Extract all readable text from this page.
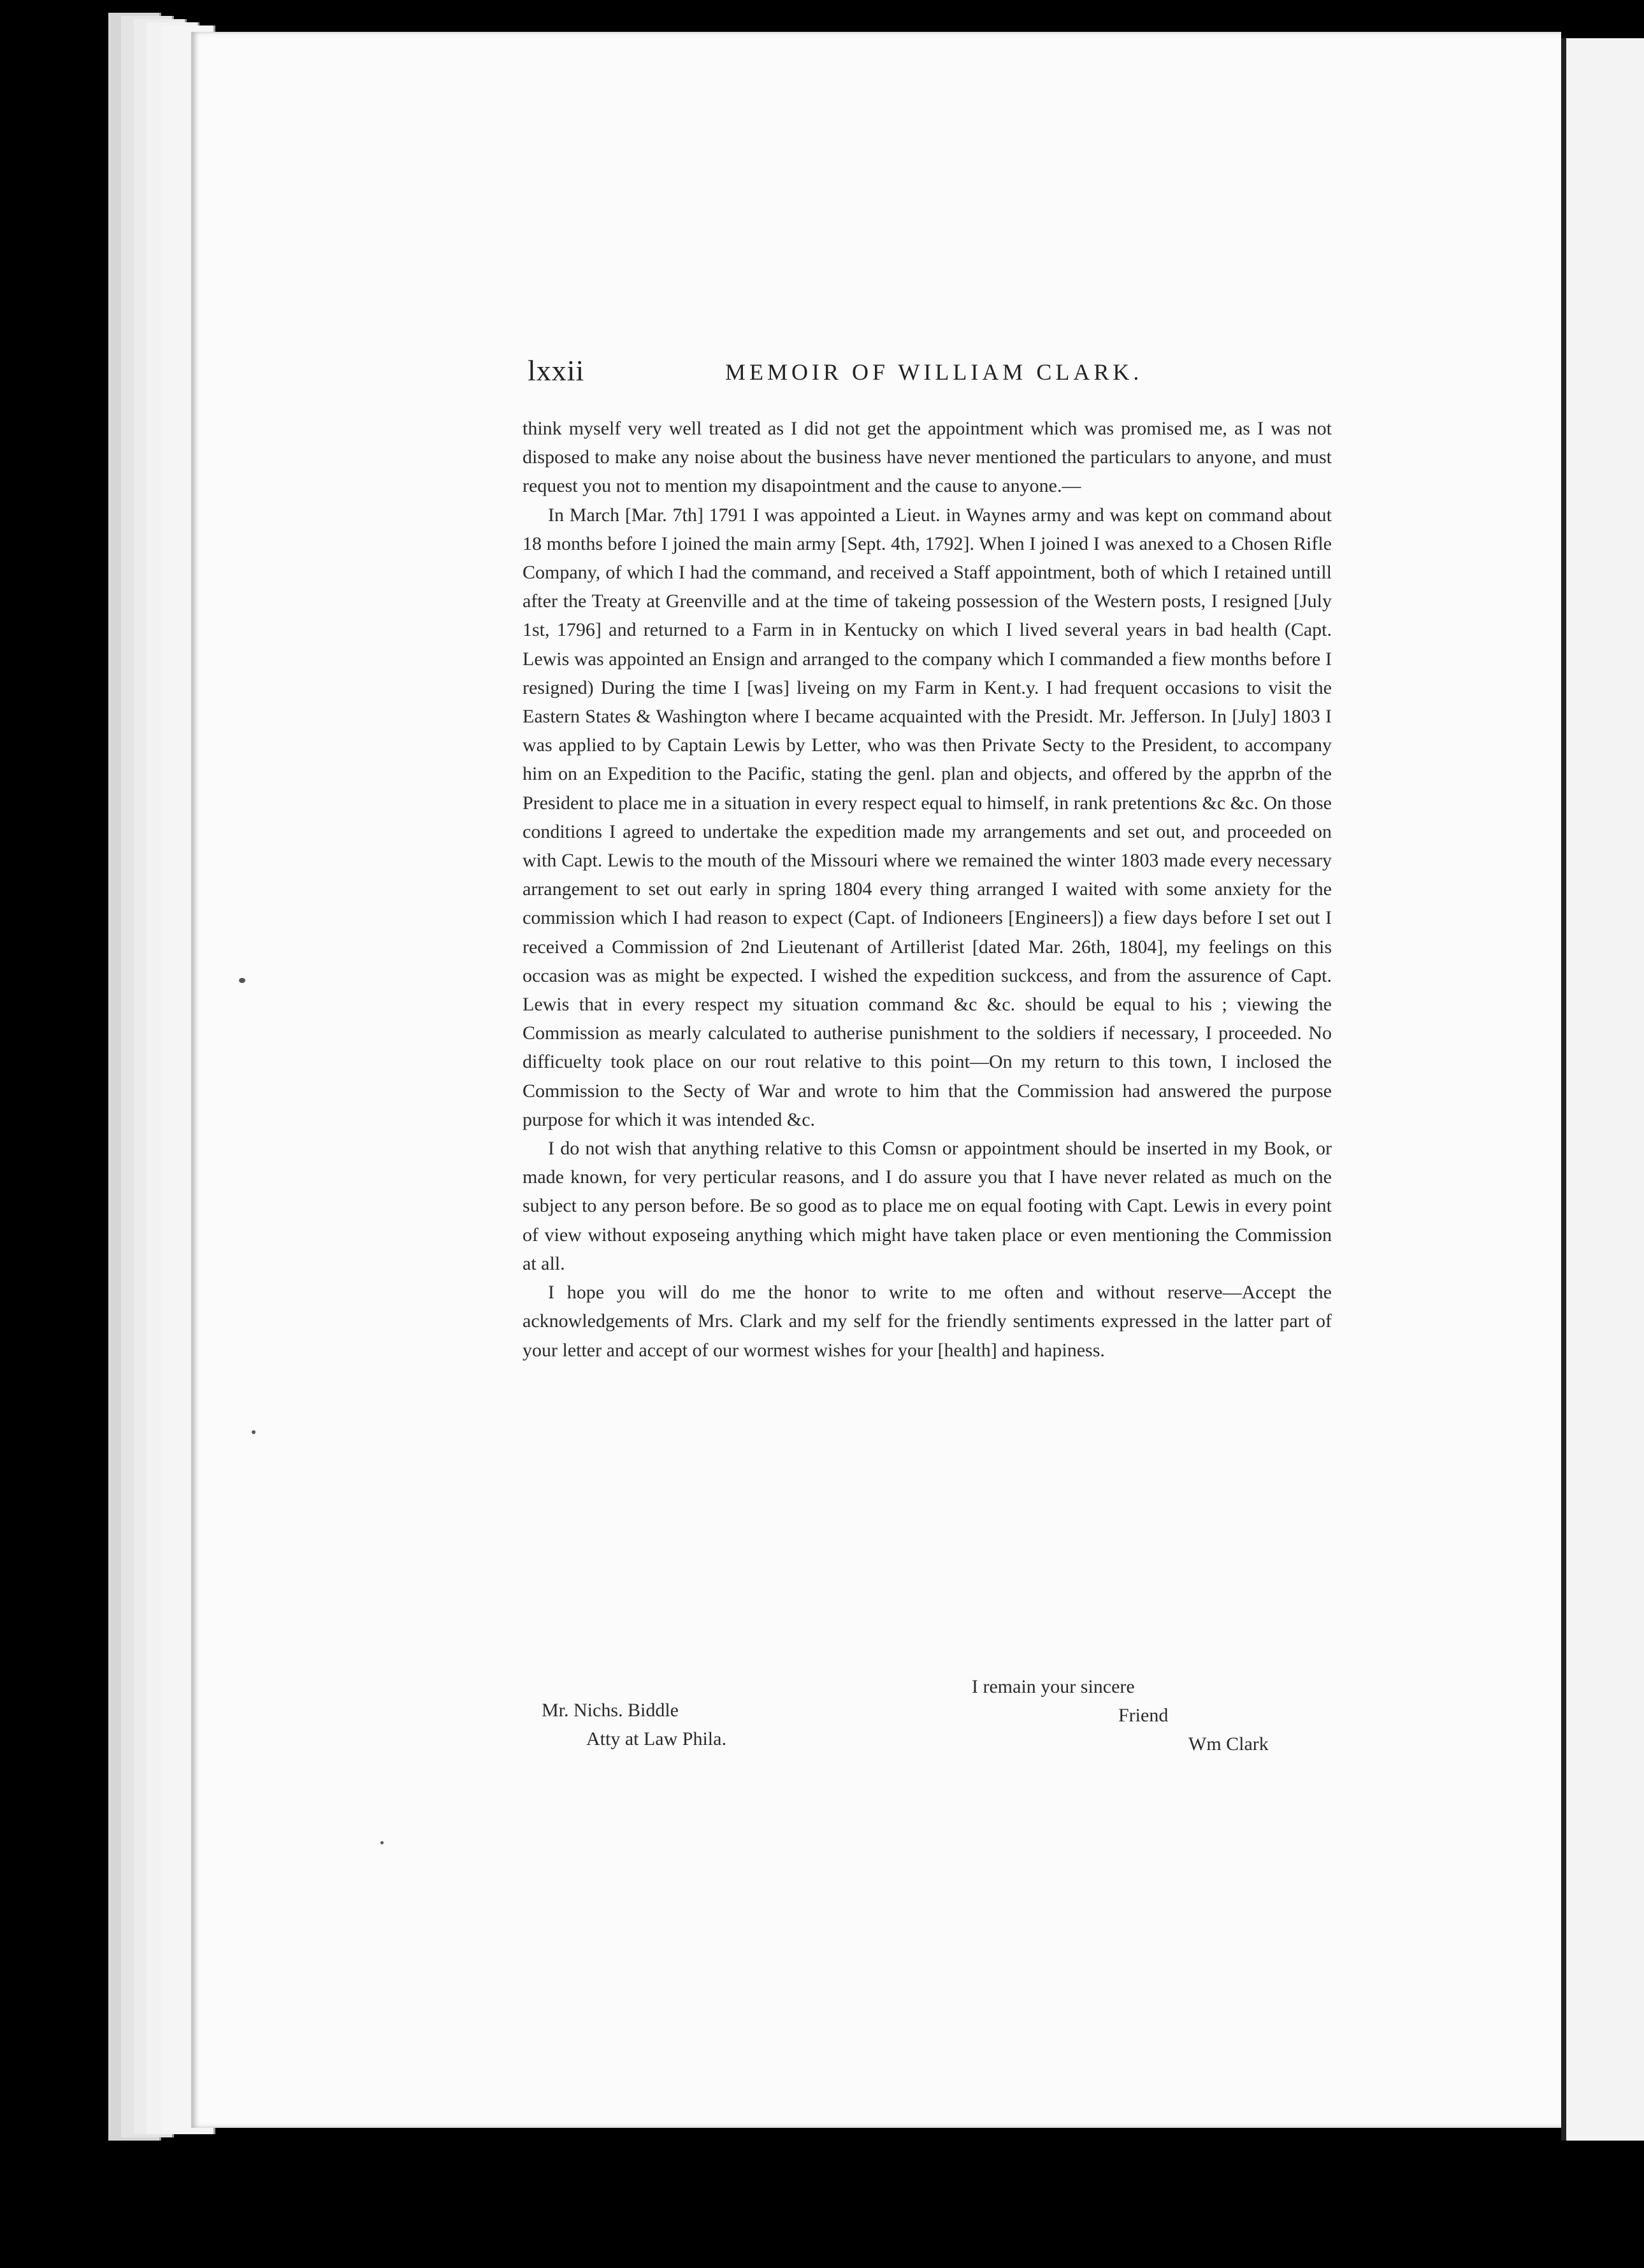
lxxii	MEMOIR OF WILLIAM CLARK.

think myself very well treated as I did not get the appointment which was promised me, as I was not disposed to make any noise about the business have never mentioned the particulars to anyone, and must request you not to mention my disapointment and the cause to anyone.—

In March [Mar. 7th] 1791 I was appointed a Lieut. in Waynes army and was kept on command about 18 months before I joined the main army [Sept. 4th, 1792]. When I joined I was anexed to a Chosen Rifle Company, of which I had the command, and received a Staff appointment, both of which I retained untill after the Treaty at Greenville and at the time of takeing possession of the Western posts, I resigned [July 1st, 1796] and returned to a Farm in in Kentucky on which I lived several years in bad health (Capt. Lewis was appointed an Ensign and arranged to the company which I commanded a fiew months before I resigned) During the time I [was] liveing on my Farm in Kent.y. I had frequent occasions to visit the Eastern States & Washington where I became acquainted with the Presidt. Mr. Jefferson. In [July] 1803 I was applied to by Captain Lewis by Letter, who was then Private Secty to the President, to accompany him on an Expedition to the Pacific, stating the genl. plan and objects, and offered by the apprbn of the President to place me in a situation in every respect equal to himself, in rank pretentions &c &c. On those conditions I agreed to undertake the expedition made my arrangements and set out, and proceeded on with Capt. Lewis to the mouth of the Missouri where we remained the winter 1803 made every necessary arrangement to set out early in spring 1804 every thing arranged I waited with some anxiety for the commission which I had reason to expect (Capt. of Indioneers [Engineers]) a fiew days before I set out I received a Commission of 2nd Lieutenant of Artillerist [dated Mar. 26th, 1804], my feelings on this occasion was as might be expected. I wished the expedition suckcess, and from the assurence of Capt. Lewis that in every respect my situation command &c &c. should be equal to his ; viewing the Commission as mearly calculated to autherise punishment to the soldiers if necessary, I proceeded. No difficuelty took place on our rout relative to this point—On my return to this town, I inclosed the Commission to the Secty of War and wrote to him that the Commission had answered the purpose purpose for which it was intended &c.

I do not wish that anything relative to this Comsn or appointment should be inserted in my Book, or made known, for very perticular reasons, and I do assure you that I have never related as much on the subject to any person before. Be so good as to place me on equal footing with Capt. Lewis in every point of view without exposeing anything which might have taken place or even mentioning the Commission at all.

I hope you will do me the honor to write to me often and without reserve—Accept the acknowledgements of Mrs. Clark and my self for the friendly sentiments expressed in the latter part of your letter and accept of our wormest wishes for your [health] and hapiness.

I remain your sincere
Friend
Wm Clark
Mr. Nichs. Biddle
Atty at Law Phila.
